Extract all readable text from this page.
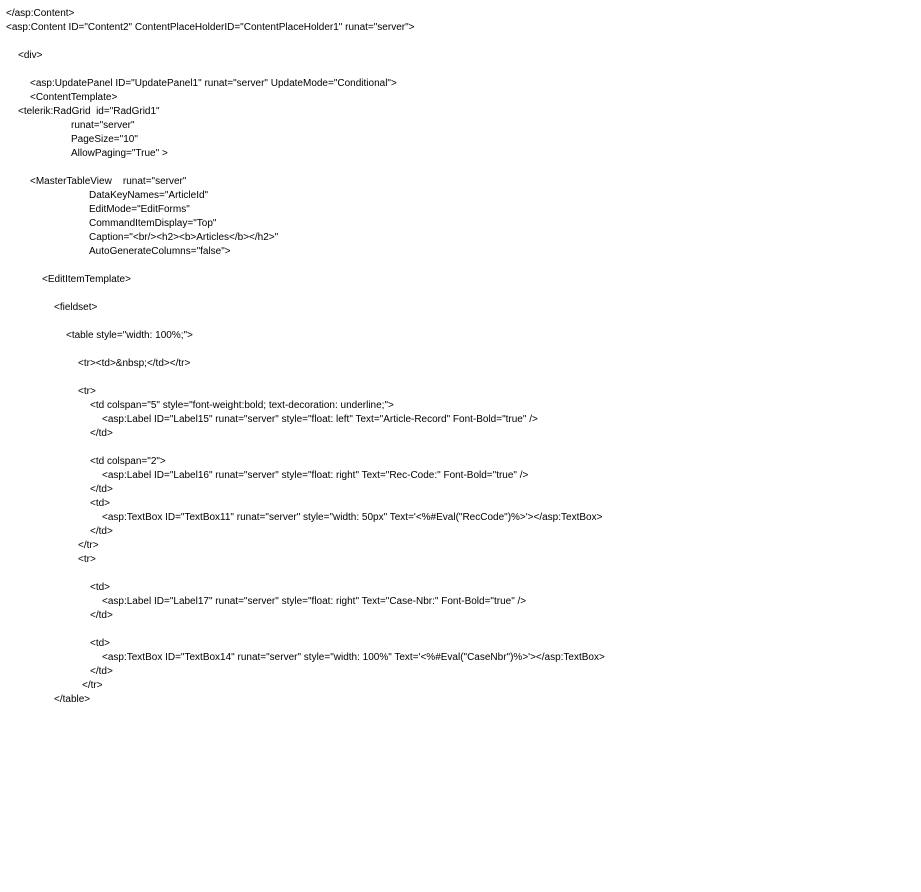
</asp:Content>
<asp:Content ID="Content2" ContentPlaceHolderID="ContentPlaceHolder1" runat="server">
<div>
<asp:UpdatePanel ID="UpdatePanel1" runat="server" UpdateMode="Conditional">
<ContentTemplate>
<telerik:RadGrid  id="RadGrid1"
runat="server"
PageSize="10"
AllowPaging="True" >
<MasterTableView    runat="server"
DataKeyNames="ArticleId"
EditMode="EditForms"
CommandItemDisplay="Top"
Caption="<br/><h2><b>Articles</b></h2>"
AutoGenerateColumns="false">
<EditItemTemplate>
<fieldset>
<table style="width: 100%;">
<tr><td>&nbsp;</td></tr>
<tr>
<td colspan="5" style="font-weight:bold; text-decoration: underline;">
<asp:Label ID="Label15" runat="server" style="float: left" Text="Article-Record" Font-Bold="true" />
</td>
<td colspan="2">
<asp:Label ID="Label16" runat="server" style="float: right" Text="Rec-Code:" Font-Bold="true" />
</td>
<td>
<asp:TextBox ID="TextBox11" runat="server" style="width: 50px" Text='<%#Eval("RecCode")%>'></asp:TextBox>
</td>
</tr>
<tr>
<td>
<asp:Label ID="Label17" runat="server" style="float: right" Text="Case-Nbr:" Font-Bold="true" />
</td>
<td>
<asp:TextBox ID="TextBox14" runat="server" style="width: 100%" Text='<%#Eval("CaseNbr")%>'></asp:TextBox>
</td>
</tr>
</table>
